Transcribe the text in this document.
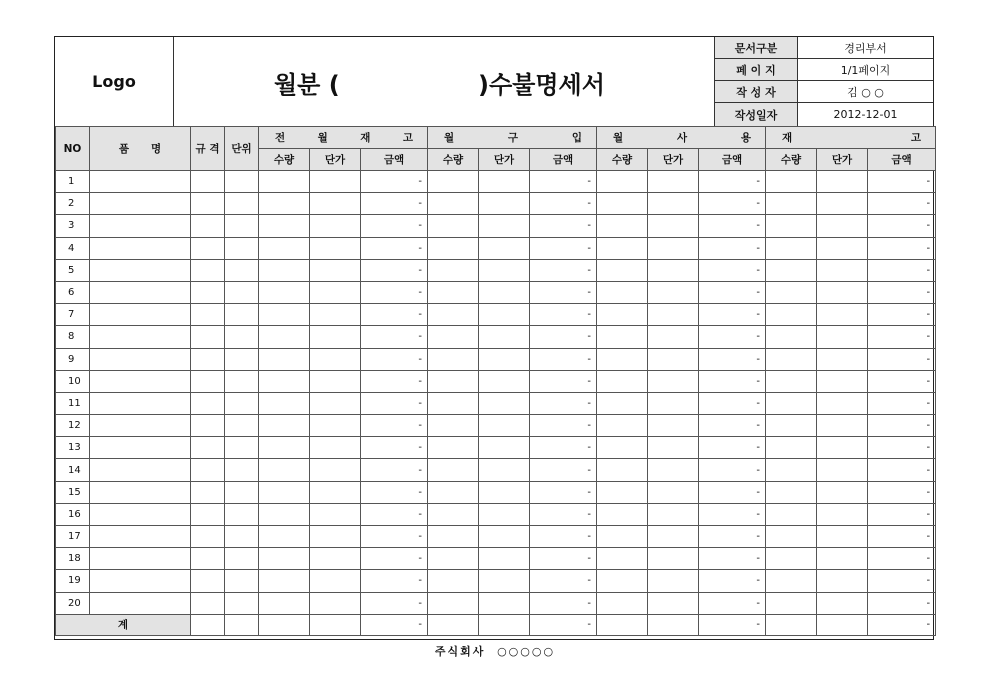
Logo	월분 (	)수불명세서
문서구분	경리부서
페 이 지	1/1페이지
작 성 자	김 ○ ○
작성일자	2012-12-01
NO	품      명	규 격	단위	전 월 재 고			월 구 입			월 사 용			재 고		

				수량	단가	금액	수량	단가	금액	수량	단가	금액	수량	단가	금액
1						-			-			-			-
2						-			-			-			-
3						-			-			-			-
4						-			-			-			-
5						-			-			-			-
6						-			-			-			-
7						-			-			-			-
8						-			-			-			-
9						-			-			-			-
10						-			-			-			-
11						-			-			-			-
12						-			-			-			-
13						-			-			-			-
14						-			-			-			-
15						-			-			-			-
16						-			-			-			-
17						-			-			-			-
18						-			-			-			-
19						-			-			-			-
20						-			-			-			-
계						-			-			-			-
주식회사  ○○○○○
